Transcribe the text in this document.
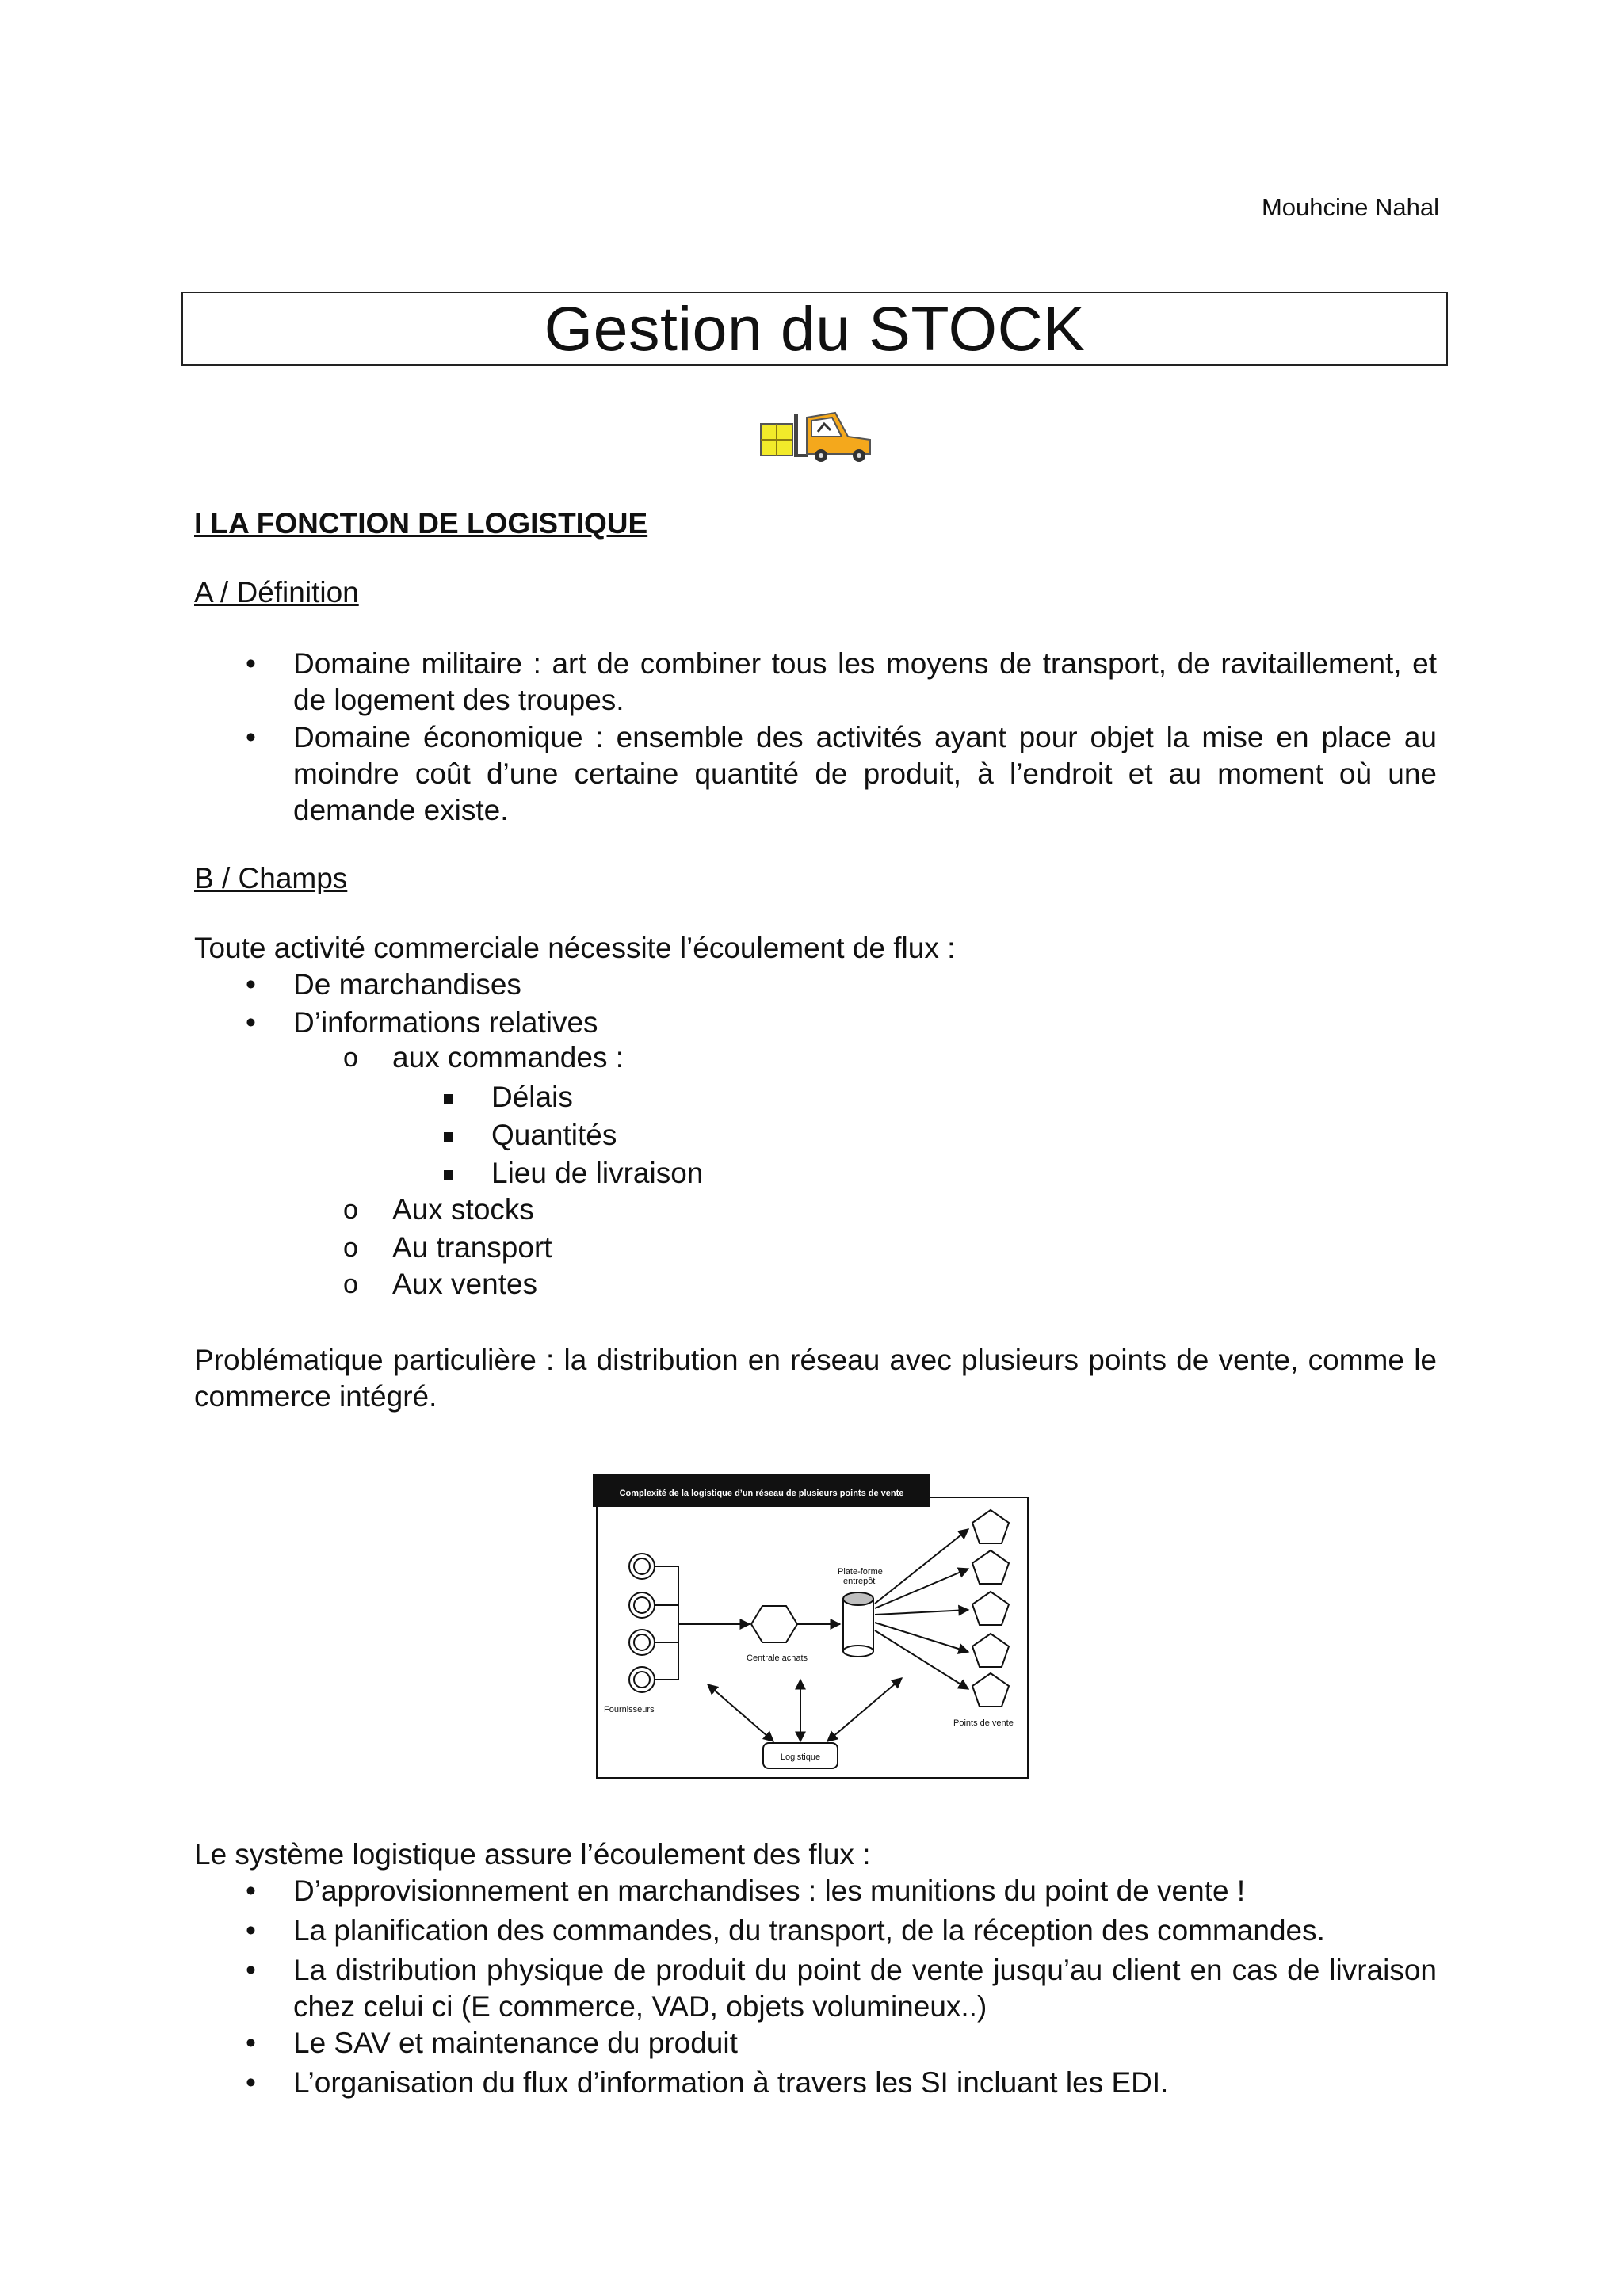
Mouhcine Nahal
Gestion du STOCK
I LA FONCTION DE LOGISTIQUE
A / Définition
• Domaine militaire : art de combiner tous les moyens de transport, de ravitaillement, et de logement des troupes.
• Domaine économique : ensemble des activités ayant pour objet la mise en place au moindre coût d’une certaine quantité de produit, à l’endroit et au moment où une demande existe.
B / Champs
Toute activité commerciale nécessite l’écoulement de flux :
• De marchandises
• D’informations relatives
o aux commandes :
Délais
Quantités
Lieu de livraison
o Aux stocks
o Au transport
o Aux ventes
Problématique particulière : la distribution en réseau avec plusieurs points de vente, comme le commerce intégré.
Complexité de la logistique d’un réseau de plusieurs points de vente
Fournisseurs
Centrale achats
Plate-forme
entrepôt
Points de vente
Logistique
Le système logistique assure l’écoulement des flux :
• D’approvisionnement en marchandises : les munitions du point de vente !
• La planification des commandes, du transport, de la réception des commandes.
• La distribution physique de produit du point de vente jusqu’au client en cas de livraison chez celui ci (E commerce, VAD, objets volumineux..)
• Le SAV et maintenance du produit
• L’organisation du flux d’information à travers les SI incluant les EDI.
